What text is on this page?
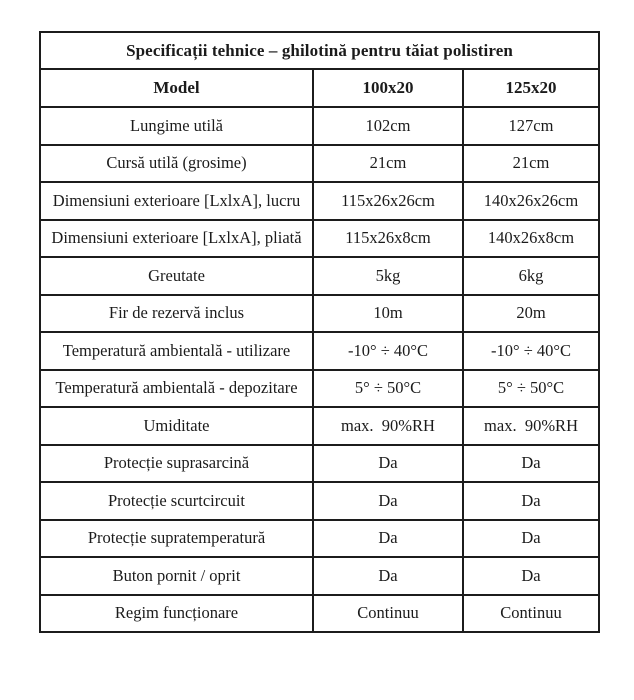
Specificații tehnice – ghilotină pentru tăiat polistiren		
Model	100x20	125x20
Lungime utilă	102cm	127cm
Cursă utilă (grosime)	21cm	21cm
Dimensiuni exterioare [LxlxA], lucru	115x26x26cm	140x26x26cm
Dimensiuni exterioare [LxlxA], pliată	115x26x8cm	140x26x8cm
Greutate	5kg	6kg
Fir de rezervă inclus	10m	20m
Temperatură ambientală - utilizare	-10° ÷ 40°C	-10° ÷ 40°C
Temperatură ambientală - depozitare	5° ÷ 50°C	5° ÷ 50°C
Umiditate	max.  90%RH	max.  90%RH
Protecție suprasarcină	Da	Da
Protecție scurtcircuit	Da	Da
Protecție supratemperatură	Da	Da
Buton pornit / oprit	Da	Da
Regim funcționare	Continuu	Continuu
